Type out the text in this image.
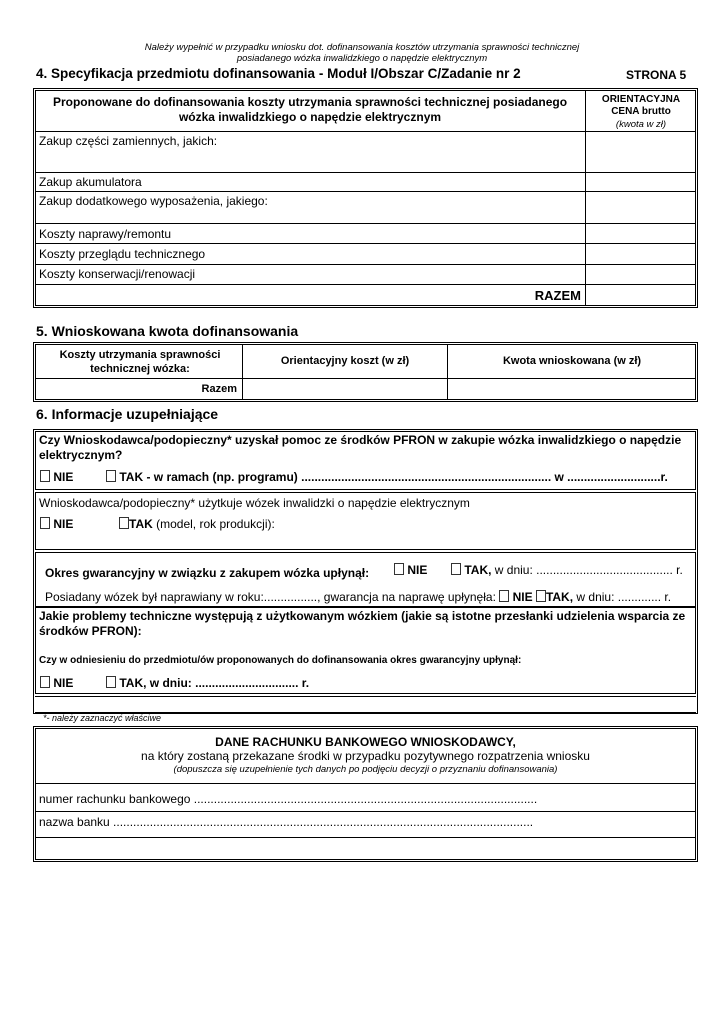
Należy wypełnić w przypadku wniosku dot. dofinansowania kosztów utrzymania sprawności technicznej
posiadanego wózka inwalidzkiego o napędzie elektrycznym
4. Specyfikacja przedmiotu dofinansowania - Moduł I/Obszar C/Zadanie nr 2	STRONA 5
Proponowane do dofinansowania koszty utrzymania sprawności technicznej posiadanego wózka inwalidzkiego o napędzie elektrycznym
ORIENTACYJNA
CENA brutto
(kwota w zł)
Zakup części zamiennych, jakich:
Zakup akumulatora
Zakup dodatkowego wyposażenia, jakiego:
Koszty naprawy/remontu
Koszty przeglądu technicznego
Koszty konserwacji/renowacji
RAZEM
5. Wnioskowana kwota dofinansowania
Koszty utrzymania sprawności technicznej wózka:
Orientacyjny koszt (w zł)	Kwota wnioskowana (w zł)
Razem
6. Informacje uzupełniające
Czy Wnioskodawca/podopieczny* uzyskał pomoc ze środków PFRON w zakupie wózka inwalidzkiego o napędzie elektrycznym?
NIE	TAK - w ramach (np. programu) ........................................................................... w ............................r.
Wnioskodawca/podopieczny* użytkuje wózek inwalidzki o napędzie elektrycznym
NIE	TAK (model, rok produkcji):
Okres gwarancyjny w związku z zakupem wózka upłynął:	NIE	TAK, w dniu: ......................................... r.
Posiadany wózek był naprawiany w roku:................, gwarancja na naprawę upłynęła: NIE TAK, w dniu: ............. r.
Jakie problemy techniczne występują z użytkowanym wózkiem (jakie są istotne przesłanki udzielenia wsparcia ze środków PFRON):
Czy w odniesieniu do przedmiotu/ów proponowanych do dofinansowania okres gwarancyjny upłynął:
NIE	TAK, w dniu: ............................... r.
*- należy zaznaczyć właściwe
DANE RACHUNKU BANKOWEGO WNIOSKODAWCY,
na który zostaną przekazane środki w przypadku pozytywnego rozpatrzenia wniosku
(dopuszcza się uzupełnienie tych danych po podjęciu decyzji o przyznaniu dofinansowania)
numer rachunku bankowego .......................................................................................................
nazwa banku ..............................................................................................................................
